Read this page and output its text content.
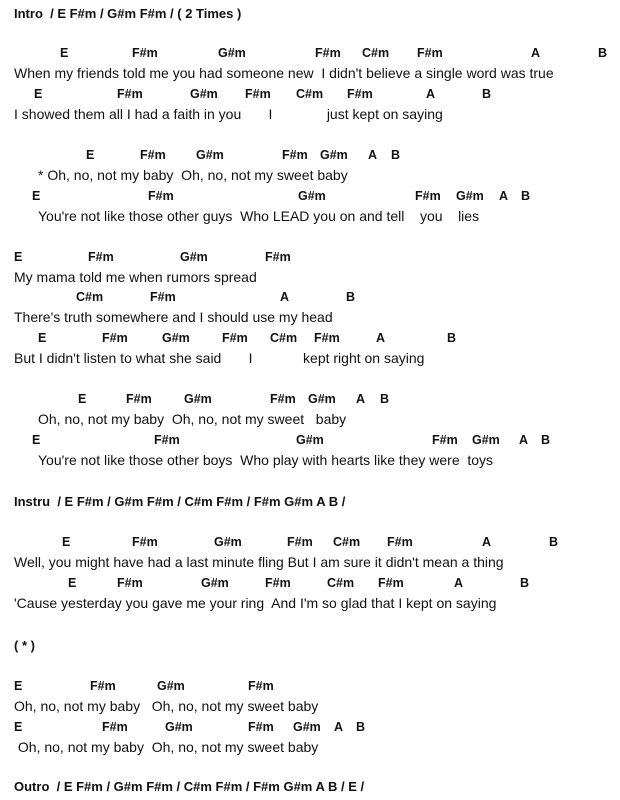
Intro  / E F#m / G#m F#m / ( 2 Times )
E	F#m	G#m	F#m C#m F#m	A	B
When my friends told me you had someone new  I didn't believe a single word was true
E	F#m	G#m F#m C#m F#m	A	B
I showed them all I had a faith in you       I              just kept on saying
E	F#m G#m	F#m G#m A B
* Oh, no, not my baby  Oh, no, not my sweet baby
E	F#m	G#m	F#m G#m A B
You're not like those other guys  Who LEAD you on and tell    you    lies
E	F#m	G#m	F#m
My mama told me when rumors spread
C#m	F#m	A	B
There's truth somewhere and I should use my head
E	F#m	G#m	F#m C#m F#m	A	B
But I didn't listen to what she said       I             kept right on saying
E	F#m	G#m	F#m G#m A B
Oh, no, not my baby  Oh, no, not my sweet   baby
E	F#m	G#m	F#m G#m A B
You're not like those other boys  Who play with hearts like they were  toys
Instru  / E F#m / G#m F#m / C#m F#m / F#m G#m A B /
E	F#m	G#m	F#m C#m F#m	A	B
Well, you might have had a last minute fling But I am sure it didn't mean a thing
E	F#m	G#m	F#m	C#m F#m	A	B
'Cause yesterday you gave me your ring  And I'm so glad that I kept on saying
( * )
E	F#m	G#m	F#m
Oh, no, not my baby   Oh, no, not my sweet baby
E	F#m	G#m	F#m G#m A B
Oh, no, not my baby  Oh, no, not my sweet baby
Outro  / E F#m / G#m F#m / C#m F#m / F#m G#m A B / E /
